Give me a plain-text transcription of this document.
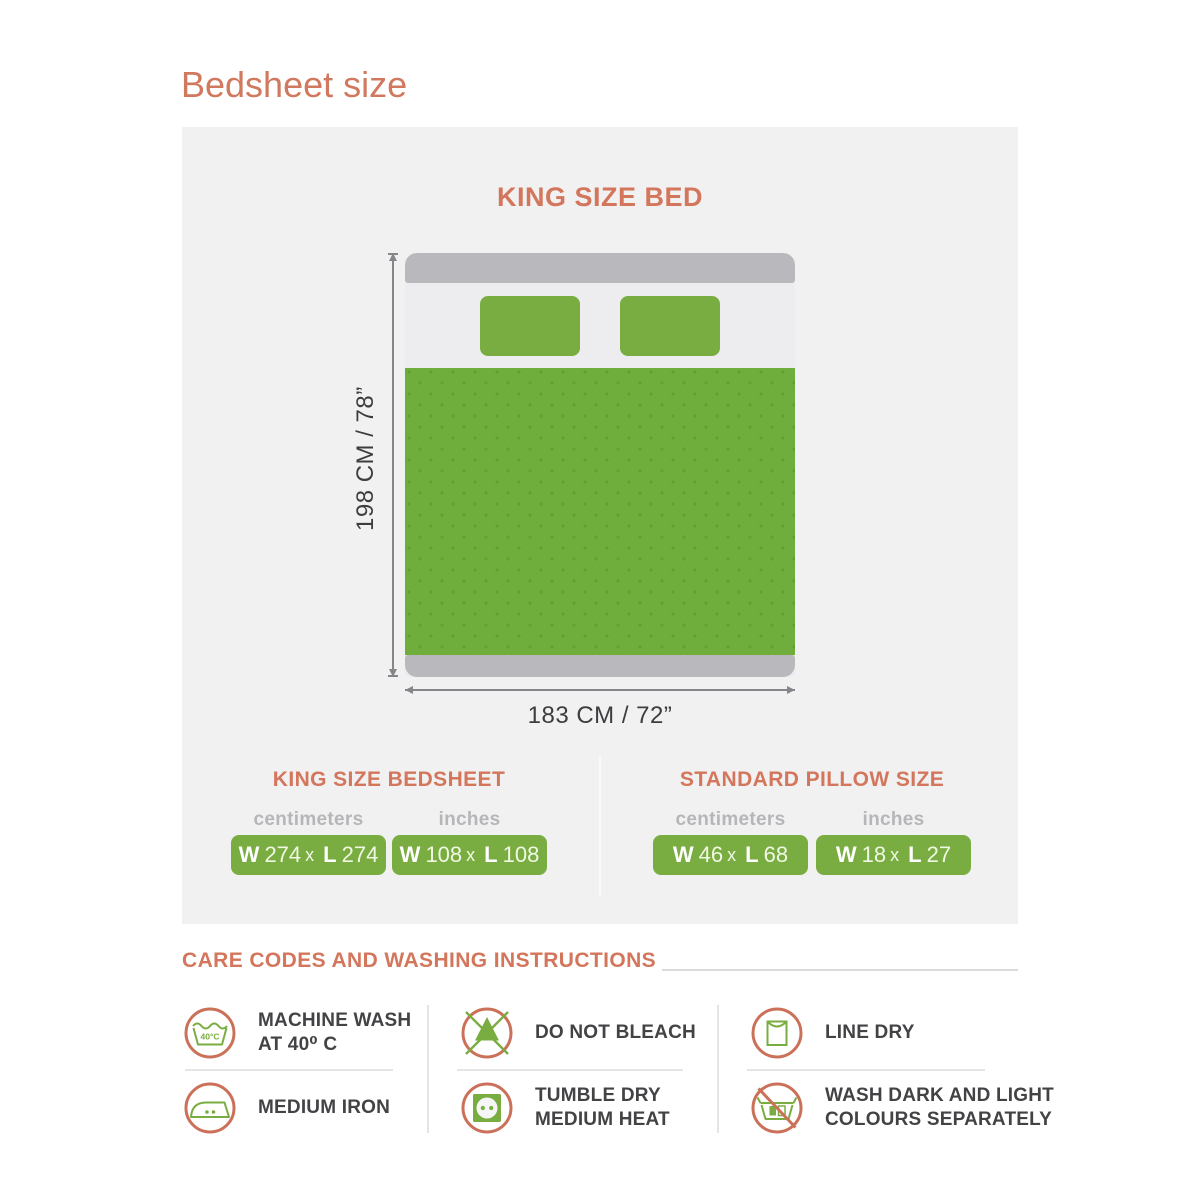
Bedsheet size
KING SIZE BED
198 CM / 78”
183 CM / 72”
KING SIZE BEDSHEET
centimeters	inches
W 274 x L 274 W 108 x L 108
STANDARD PILLOW SIZE
centimeters	inches
W 46 x L 68 W 18 x L 27
CARE CODES AND WASHING INSTRUCTIONS
40°C
MACHINE WASH
AT 40⁰ C
DO NOT BLEACH	LINE DRY
MEDIUM IRON
TUMBLE DRY
MEDIUM HEAT
WASH DARK AND LIGHT
COLOURS SEPARATELY
